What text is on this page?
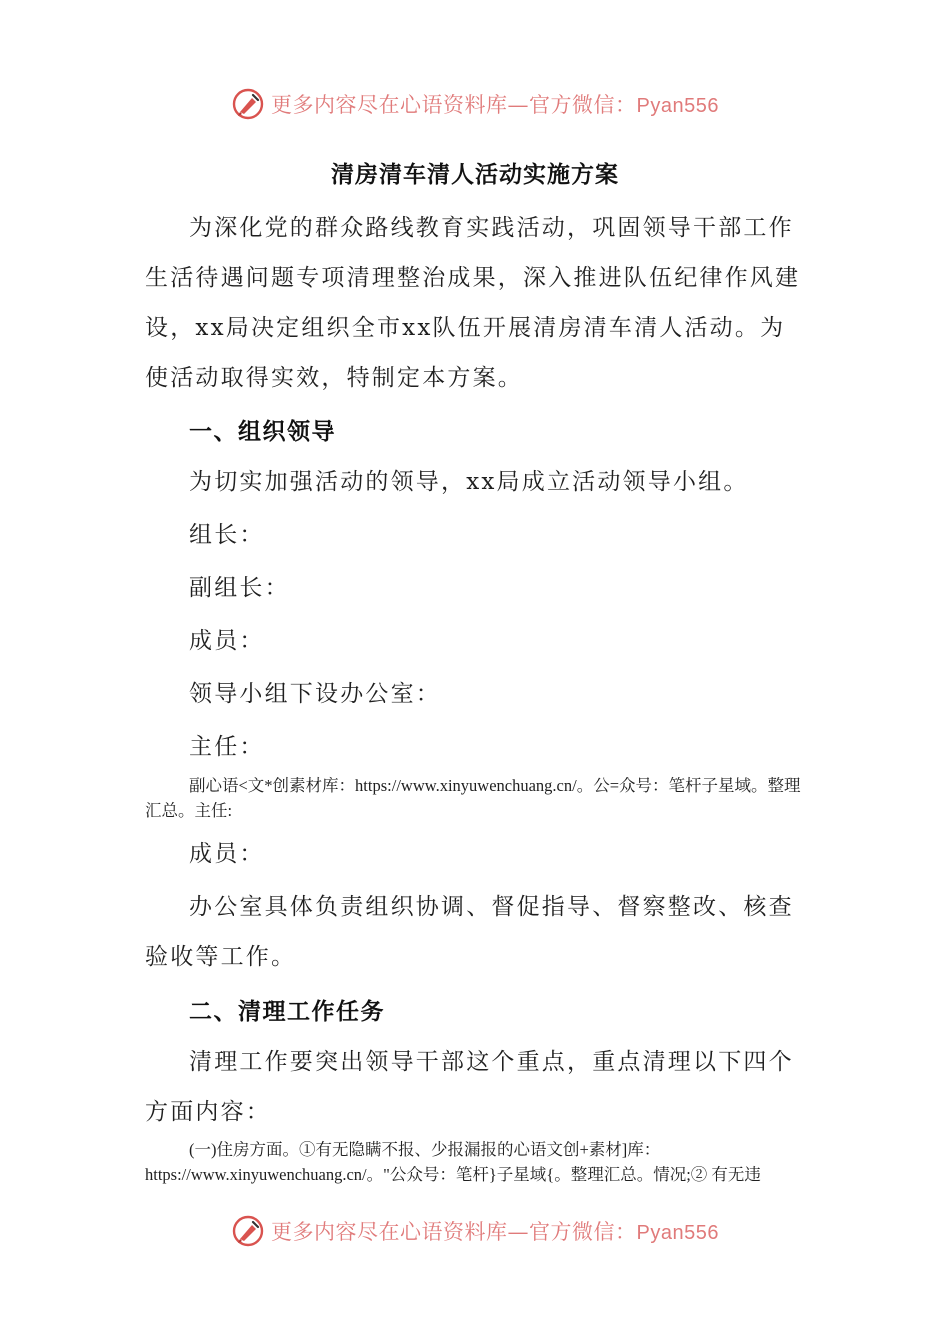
更多内容尽在心语资料库—官方微信：Pyan556
清房清车清人活动实施方案

为深化党的群众路线教育实践活动，巩固领导干部工作生活待遇问题专项清理整治成果，深入推进队伍纪律作风建设，xx局决定组织全市xx队伍开展清房清车清人活动。为使活动取得实效，特制定本方案。

一、组织领导

为切实加强活动的领导，xx局成立活动领导小组。

组长：

副组长：

成员：

领导小组下设办公室：

主任：

副心语<文*创素材库：https://www.xinyuwenchuang.cn/。公=众号：笔杆子星域。整理汇总。主任:

成员：

办公室具体负责组织协调、督促指导、督察整改、核查验收等工作。

二、清理工作任务

清理工作要突出领导干部这个重点，重点清理以下四个方面内容：

(一)住房方面。①有无隐瞒不报、少报漏报的心语文创+素材]库：https://www.xinyuwenchuang.cn/。"公众号：笔杆}子星域{。整理汇总。情况;② 有无违

更多内容尽在心语资料库—官方微信：Pyan556
